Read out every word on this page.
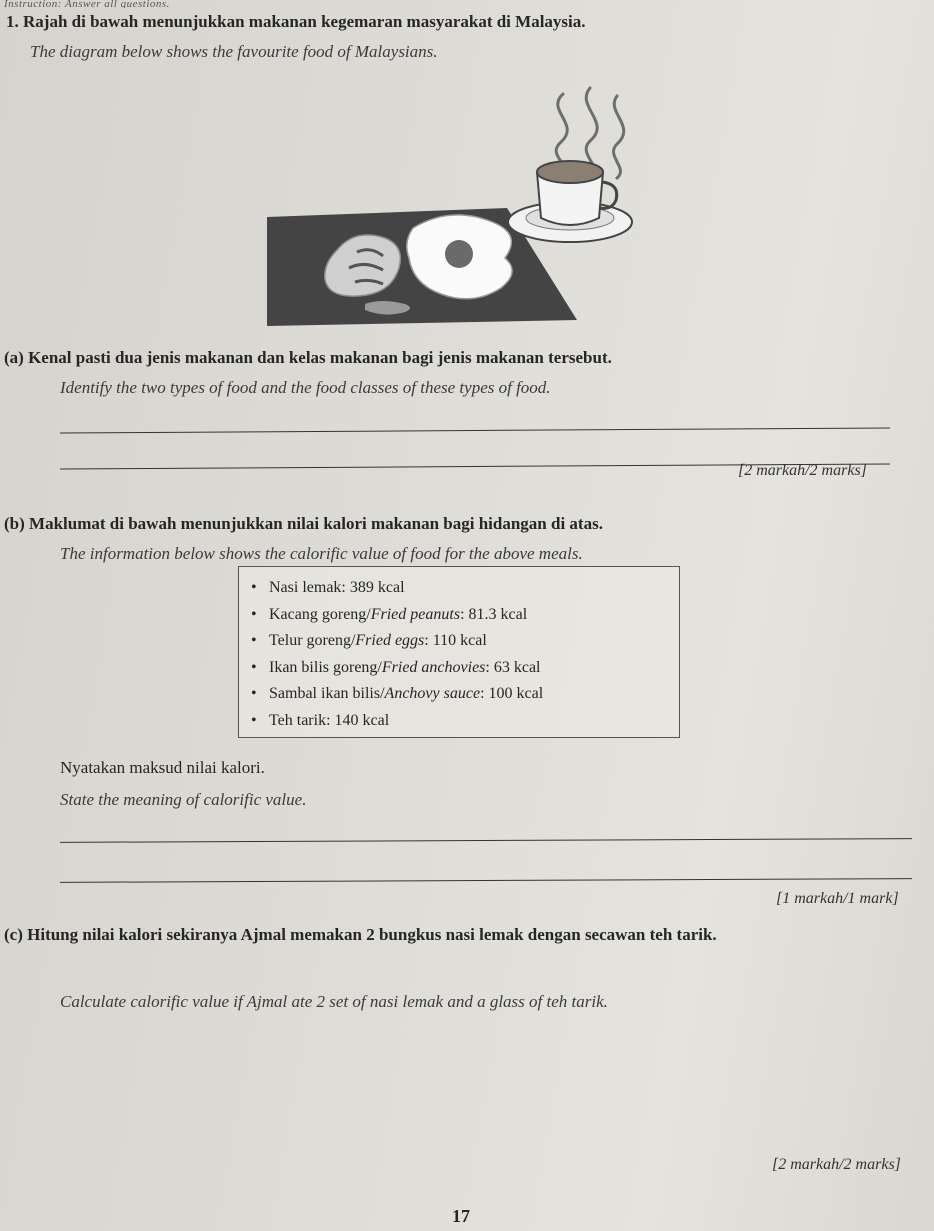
Instruction: Answer all questions.
1. Rajah di bawah menunjukkan makanan kegemaran masyarakat di Malaysia.
The diagram below shows the favourite food of Malaysians.
(a) Kenal pasti dua jenis makanan dan kelas makanan bagi jenis makanan tersebut.
Identify the two types of food and the food classes of these types of food.
[2 markah/2 marks]
(b) Maklumat di bawah menunjukkan nilai kalori makanan bagi hidangan di atas.
The information below shows the calorific value of food for the above meals.
• Nasi lemak: 389 kcal
• Kacang goreng/Fried peanuts: 81.3 kcal
• Telur goreng/Fried eggs: 110 kcal
• Ikan bilis goreng/Fried anchovies: 63 kcal
• Sambal ikan bilis/Anchovy sauce: 100 kcal
• Teh tarik: 140 kcal
Nyatakan maksud nilai kalori.
State the meaning of calorific value.
[1 markah/1 mark]
(c) Hitung nilai kalori sekiranya Ajmal memakan 2 bungkus nasi lemak dengan secawan teh tarik.
Calculate calorific value if Ajmal ate 2 set of nasi lemak and a glass of teh tarik.
[2 markah/2 marks]
17
